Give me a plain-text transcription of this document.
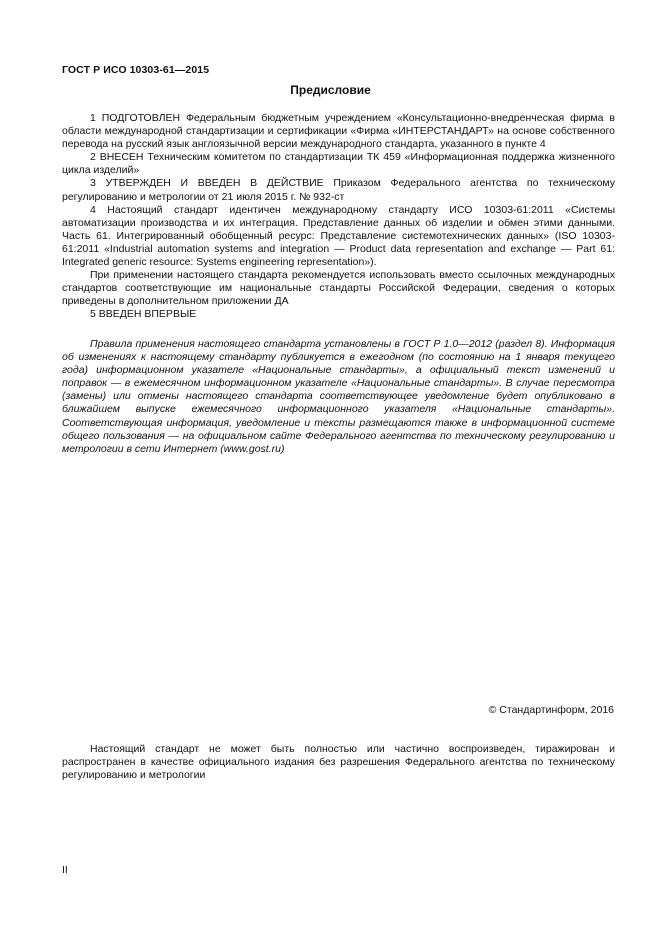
ГОСТ Р ИСО 10303-61—2015
Предисловие

1 ПОДГОТОВЛЕН Федеральным бюджетным учреждением «Консультационно-внедренческая фирма в области международной стандартизации и сертификации «Фирма «ИНТЕРСТАНДАРТ» на основе собственного перевода на русский язык англоязычной версии международного стандарта, указанного в пункте 4

2 ВНЕСЕН Техническим комитетом по стандартизации ТК 459 «Информационная поддержка жизненного цикла изделий»

3 УТВЕРЖДЕН И ВВЕДЕН В ДЕЙСТВИЕ Приказом Федерального агентства по техническому регулированию и метрологии от 21 июля 2015 г. № 932-ст

4 Настоящий стандарт идентичен международному стандарту ИСО 10303-61:2011 «Системы автоматизации производства и их интеграция. Представление данных об изделии и обмен этими данными. Часть 61. Интегрированный обобщенный ресурс: Представление системотехнических данных» (ISO 10303-61:2011 «Industrial automation systems and integration — Product data representation and exchange — Part 61: Integrated generic resource: Systems engineering representation»).

При применении настоящего стандарта рекомендуется использовать вместо ссылочных международных стандартов соответствующие им национальные стандарты Российской Федерации, сведения о которых приведены в дополнительном приложении ДА

5 ВВЕДЕН ВПЕРВЫЕ

Правила применения настоящего стандарта установлены в ГОСТ Р 1.0—2012 (раздел 8). Информация об изменениях к настоящему стандарту публикуется в ежегодном (по состоянию на 1 января текущего года) информационном указателе «Национальные стандарты», а официальный текст изменений и поправок — в ежемесячном информационном указателе «Национальные стандарты». В случае пересмотра (замены) или отмены настоящего стандарта соответствующее уведомление будет опубликовано в ближайшем выпуске ежемесячного информационного указателя «Национальные стандарты». Соответствующая информация, уведомление и тексты размещаются также в информационной системе общего пользования — на официальном сайте Федерального агентства по техническому регулированию и метрологии в сети Интернет (www.gost.ru)

© Стандартинформ, 2016

Настоящий стандарт не может быть полностью или частично воспроизведен, тиражирован и распространен в качестве официального издания без разрешения Федерального агентства по техническому регулированию и метрологии

II
